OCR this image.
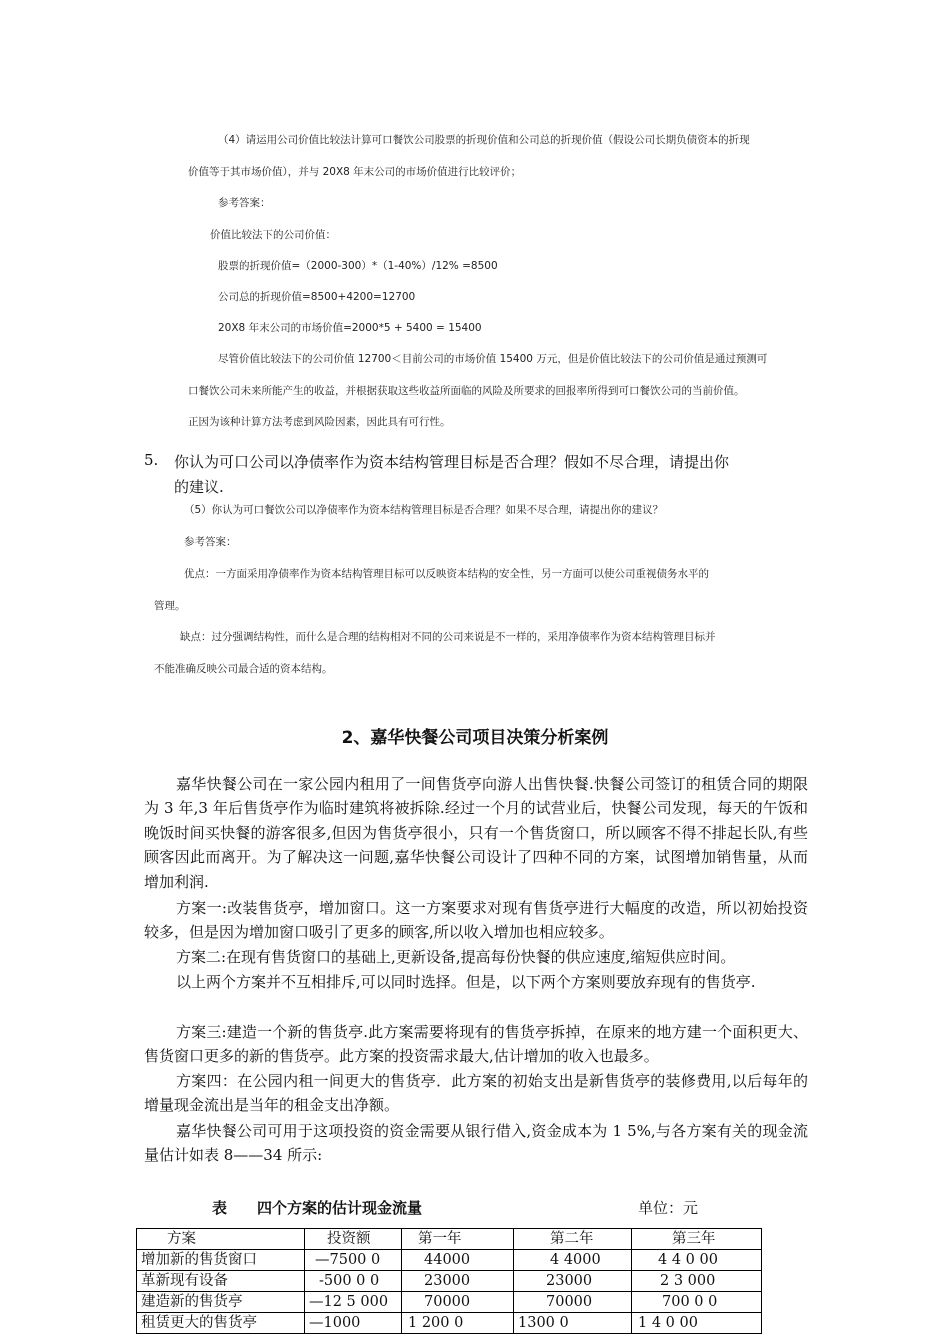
（4）请运用公司价值比较法计算可口餐饮公司股票的折现价值和公司总的折现价值（假设公司长期负债资本的折现
价值等于其市场价值），并与 20X8 年末公司的市场价值进行比较评价；
参考答案：
价值比较法下的公司价值：
股票的折现价值=（2000-300）*（1-40%）/12% =8500
公司总的折现价值=8500+4200=12700
20X8 年末公司的市场价值=2000*5 + 5400 = 15400
尽管价值比较法下的公司价值 12700＜目前公司的市场价值 15400 万元，但是价值比较法下的公司价值是通过预测可
口餐饮公司未来所能产生的收益，并根据获取这些收益所面临的风险及所要求的回报率所得到可口餐饮公司的当前价值。
正因为该种计算方法考虑到风险因素，因此具有可行性。
5. 你认为可口公司以净债率作为资本结构管理目标是否合理？假如不尽合理，请提出你
的建议.
（5）你认为可口餐饮公司以净债率作为资本结构管理目标是否合理？如果不尽合理，请提出你的建议？
参考答案：
优点：一方面采用净债率作为资本结构管理目标可以反映资本结构的安全性，另一方面可以使公司重视债务水平的
管理。
缺点：过分强调结构性，而什么是合理的结构相对不同的公司来说是不一样的，采用净债率作为资本结构管理目标并
不能准确反映公司最合适的资本结构。
2、嘉华快餐公司项目决策分析案例
嘉华快餐公司在一家公园内租用了一间售货亭向游人出售快餐.快餐公司签订的租赁合同的期限为 3 年,3 年后售货亭作为临时建筑将被拆除.经过一个月的试营业后，快餐公司发现，每天的午饭和晚饭时间买快餐的游客很多,但因为售货亭很小，只有一个售货窗口，所以顾客不得不排起长队,有些顾客因此而离开。为了解决这一问题,嘉华快餐公司设计了四种不同的方案，试图增加销售量，从而增加利润.
方案一:改装售货亭，增加窗口。这一方案要求对现有售货亭进行大幅度的改造，所以初始投资较多，但是因为增加窗口吸引了更多的顾客,所以收入增加也相应较多。
方案二:在现有售货窗口的基础上,更新设备,提高每份快餐的供应速度,缩短供应时间。
以上两个方案并不互相排斥,可以同时选择。但是，以下两个方案则要放弃现有的售货亭.
方案三:建造一个新的售货亭.此方案需要将现有的售货亭拆掉，在原来的地方建一个面积更大、售货窗口更多的新的售货亭。此方案的投资需求最大,估计增加的收入也最多。
方案四：在公园内租一间更大的售货亭．此方案的初始支出是新售货亭的装修费用,以后每年的增量现金流出是当年的租金支出净额。
嘉华快餐公司可用于这项投资的资金需要从银行借入,资金成本为 1 5%,与各方案有关的现金流量估计如表 8——34 所示:
表　　四个方案的估计现金流量	单位：元
方案	投资额	第一年	第二年	第三年
增加新的售货窗口	—7500 0	44000	4 4000	4 4 0 00
革新现有设备	-500 0 0	23000	23000	2 3 000
建造新的售货亭	—12 5 000	70000	70000	700 0 0
租赁更大的售货亭	—1000	1 200 0	1300 0	1 4 0 00
